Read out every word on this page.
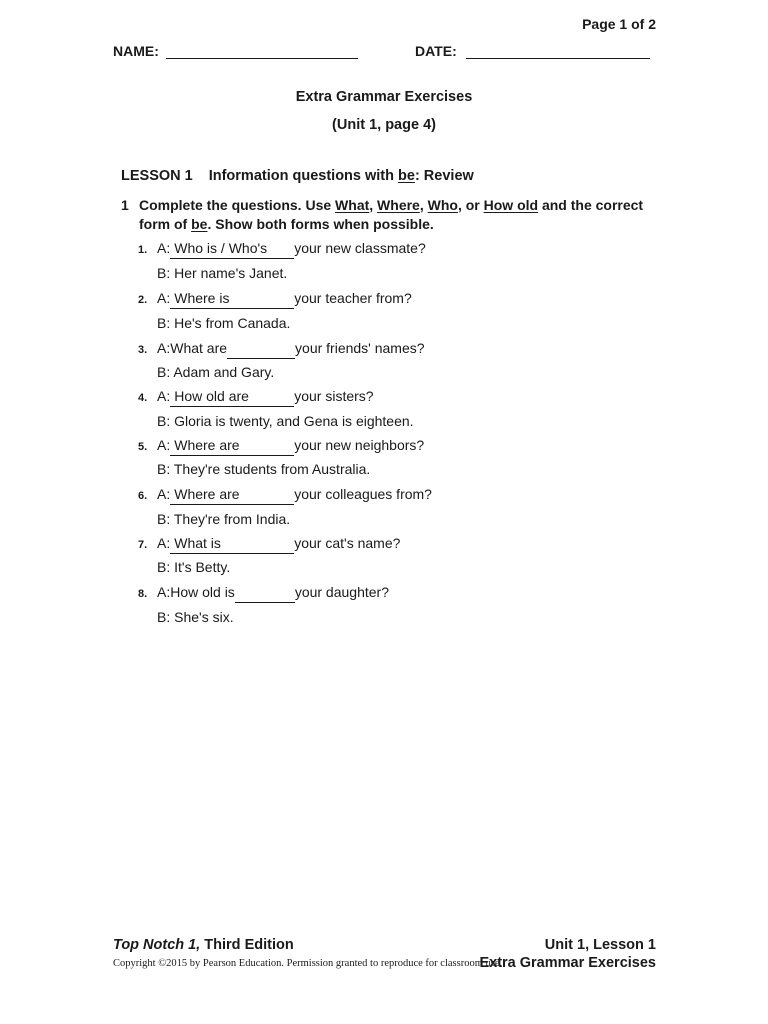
Page 1 of 2
NAME:	DATE:
Extra Grammar Exercises
(Unit 1, page 4)
LESSON 1 Information questions with be: Review
1 Complete the questions. Use What, Where, Who, or How old and the correct form of be. Show both forms when possible.
1. A: Who is / Who's your new classmate?
B: Her name's Janet.
2. A: Where is	your teacher from?
B: He's from Canada.
3. A:What are	your friends' names?
B: Adam and Gary.
4. A: How old are	your sisters?
B: Gloria is twenty, and Gena is eighteen.
5. A: Where are	your new neighbors?
B: They're students from Australia.
6. A: Where are	your colleagues from?
B: They're from India.
7. A: What is	your cat's name?
B: It's Betty.
8. A:How old is	your daughter?
B: She's six.
Top Notch 1, Third Edition	Unit 1, Lesson 1
Copyright ©2015 by Pearson Education. Permission granted to reproduce for classroom use.
Extra Grammar Exercises
